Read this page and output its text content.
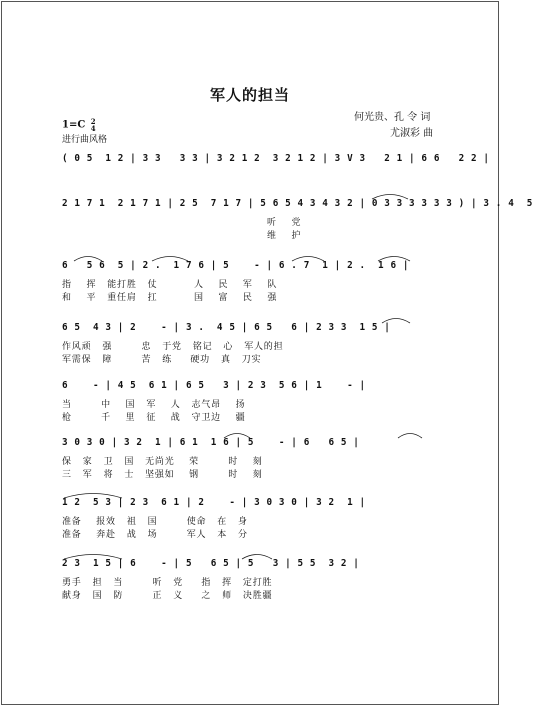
军人的担当
何光贵、孔 令 词
尤淑彩 曲
1=C 2
4
进行曲风格
( 0 5  1 2 | 3 3   3 3 | 3 2 1 2  3 2 1 2 | 3 V 3   2 1 | 6 6   2 2 |
2 1 7 1  2 1 7 1 | 2 5  7 1 7 | 5 6 5 4 3 4 3 2 | 0 3 3 3 3 3 3 ) | 3 . 4  5
听    党
维    护
6   5 6  5 | 2 .  1 7 6 | 5    - | 6 . 7  1 | 2 .  1 6 |
指    挥   能打胜   仗          人    民    军    队
和    平   重任肩   扛          国    富    民    强
6 5  4 3 | 2    - | 3 .  4 5 | 6 5   6 | 2 3 3  1 5 |
作风顽   强        忠   于党   铭记   心   军人的担
军需保   障        苦   练     硬功   真   刀实
6    - | 4 5  6 1 | 6 5   3 | 2 3  5 6 | 1    - |
当        中    国   军    人   志气昂    扬
枪        千    里   征    战   守卫边    疆
3 0 3 0 | 3 2  1 | 6 1  1 6 | 5    - | 6   6 5 |
保   家   卫   国   无尚光    荣        时    刻
三   军   将   士   坚强如    钢        时    刻
1 2  5 3 | 2 3  6 1 | 2    - | 3 0 3 0 | 3 2  1 |
准备    报效   祖   国        使命   在   身
准备    奔赴   战   场        军人   本   分
2 3  1 5 | 6    - | 5   6 5 | 5   3 | 5 5  3 2 |
勇手   担   当        听   党     指   挥   定打胜
献身   国   防        正   义     之   师   决胜疆
